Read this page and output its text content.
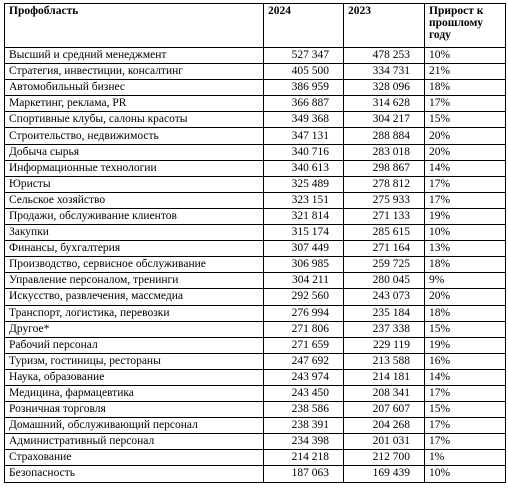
Профобласть	2024	2023	Прирост к прошлому году
Высший и средний менеджмент	527 347	478 253	10%
Стратегия, инвестиции, консалтинг	405 500	334 731	21%
Автомобильный бизнес	386 959	328 096	18%
Маркетинг, реклама, PR	366 887	314 628	17%
Спортивные клубы, салоны красоты	349 368	304 217	15%
Строительство, недвижимость	347 131	288 884	20%
Добыча сырья	340 716	283 018	20%
Информационные технологии	340 613	298 867	14%
Юристы	325 489	278 812	17%
Сельское хозяйство	323 151	275 933	17%
Продажи, обслуживание клиентов	321 814	271 133	19%
Закупки	315 174	285 615	10%
Финансы, бухгалтерия	307 449	271 164	13%
Производство, сервисное обслуживание	306 985	259 725	18%
Управление персоналом, тренинги	304 211	280 045	9%
Искусство, развлечения, массмедиа	292 560	243 073	20%
Транспорт, логистика, перевозки	276 994	235 184	18%
Другое*	271 806	237 338	15%
Рабочий персонал	271 659	229 119	19%
Туризм, гостиницы, рестораны	247 692	213 588	16%
Наука, образование	243 974	214 181	14%
Медицина, фармацевтика	243 450	208 341	17%
Розничная торговля	238 586	207 607	15%
Домашний, обслуживающий персонал	238 391	204 268	17%
Административный персонал	234 398	201 031	17%
Страхование	214 218	212 700	1%
Безопасность	187 063	169 439	10%
